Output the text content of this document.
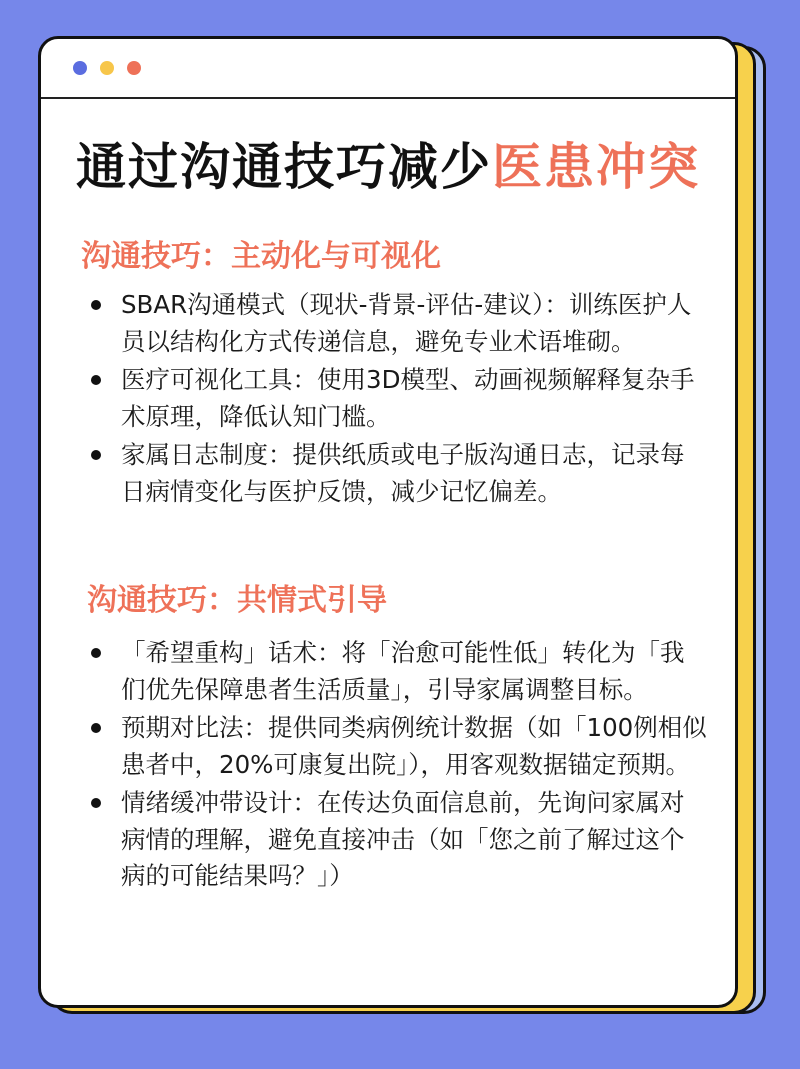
通过沟通技巧减少医患冲突
沟通技巧：主动化与可视化
SBAR沟通模式（现状-背景-评估-建议）：训练医护人员以结构化方式传递信息，避免专业术语堆砌。
医疗可视化工具：使用3D模型、动画视频解释复杂手术原理，降低认知门槛。
家属日志制度：提供纸质或电子版沟通日志，记录每日病情变化与医护反馈，减少记忆偏差。
沟通技巧：共情式引导
「希望重构」话术：将「治愈可能性低」转化为「我们优先保障患者生活质量」，引导家属调整目标。
预期对比法：提供同类病例统计数据（如「100例相似患者中，20%可康复出院」），用客观数据锚定预期。
情绪缓冲带设计：在传达负面信息前，先询问家属对病情的理解，避免直接冲击（如「您之前了解过这个病的可能结果吗？」）
